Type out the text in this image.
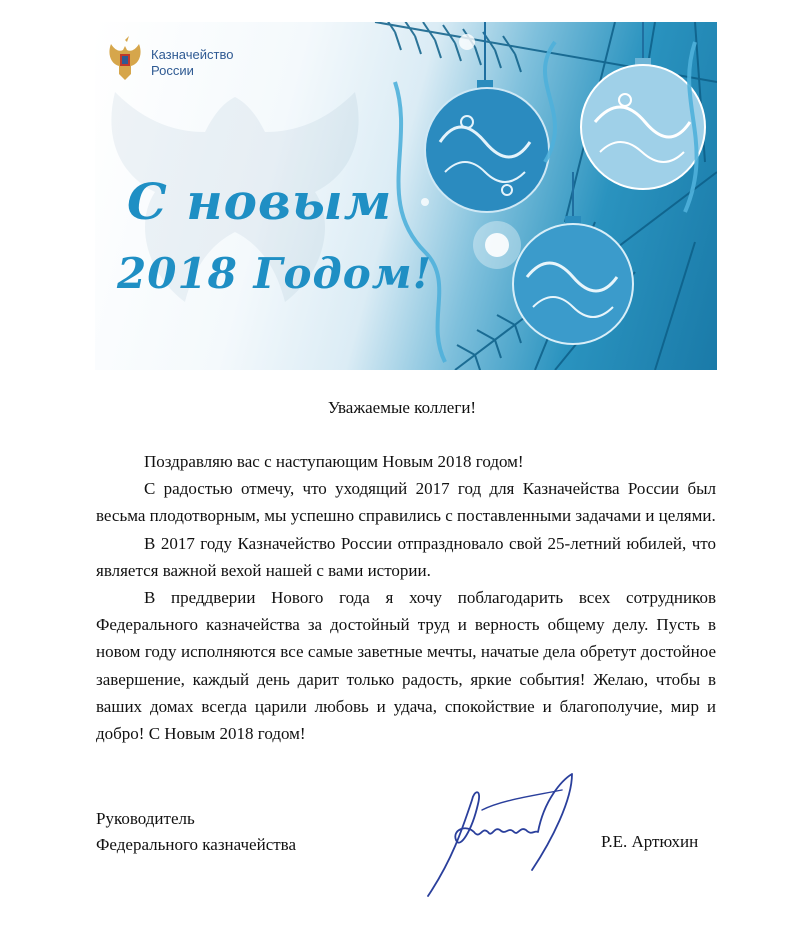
Казначейство
России
С новым
2018 Годом!
Уважаемые коллеги!

Поздравляю вас с наступающим Новым 2018 годом!

С радостью отмечу, что уходящий 2017 год для Казначейства России был весьма плодотворным, мы успешно справились с поставленными задачами и целями.

В 2017 году Казначейство России отпраздновало свой 25-летний юбилей, что является важной вехой нашей с вами истории.

В преддверии Нового года я хочу поблагодарить всех сотрудников Федерального казначейства за достойный труд и верность общему делу. Пусть в новом году исполняются все самые заветные мечты, начатые дела обретут достойное завершение, каждый день дарит только радость, яркие события! Желаю, чтобы в ваших домах всегда царили любовь и удача, спокойствие и благополучие, мир и добро! С Новым 2018 годом!

Руководитель
Федерального казначейства	Р.Е. Артюхин
